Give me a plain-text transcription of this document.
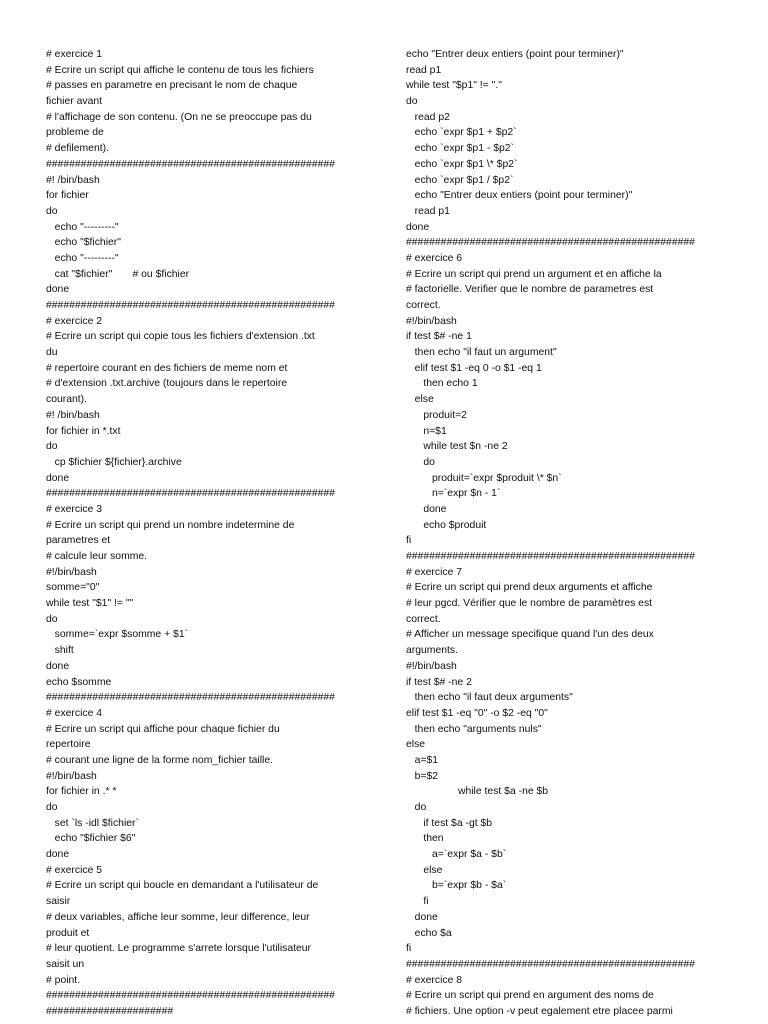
# exercice 1
# Ecrire un script qui affiche le contenu de tous les fichiers
# passes en parametre en precisant le nom de chaque
fichier avant
# l'affichage de son contenu. (On ne se preoccupe pas du
probleme de
# defilement).
##################################################
#! /bin/bash
for fichier
do
echo "---------"
echo "$fichier"
echo "---------"
cat "$fichier"       # ou $fichier
done
##################################################
# exercice 2
# Ecrire un script qui copie tous les fichiers d'extension .txt
du
# repertoire courant en des fichiers de meme nom et
# d'extension .txt.archive (toujours dans le repertoire
courant).
#! /bin/bash
for fichier in *.txt
do
cp $fichier ${fichier}.archive
done
##################################################
# exercice 3
# Ecrire un script qui prend un nombre indetermine de
parametres et
# calcule leur somme.
#!/bin/bash
somme="0"
while test "$1" != ""
do
somme=`expr $somme + $1`
shift
done
echo $somme
##################################################
# exercice 4
# Ecrire un script qui affiche pour chaque fichier du
repertoire
# courant une ligne de la forme nom_fichier taille.
#!/bin/bash
for fichier in .* *
do
set `ls -idl $fichier`
echo "$fichier $6"
done
# exercice 5
# Ecrire un script qui boucle en demandant a l'utilisateur de
saisir
# deux variables, affiche leur somme, leur difference, leur
produit et
# leur quotient. Le programme s'arrete lorsque l'utilisateur
saisit un
# point.
##################################################
######################
echo "Entrer deux entiers (point pour terminer)"
read p1
while test "$p1" != "."
do
read p2
echo `expr $p1 + $p2`
echo `expr $p1 - $p2`
echo `expr $p1 \* $p2`
echo `expr $p1 / $p2`
echo "Entrer deux entiers (point pour terminer)"
read p1
done
##################################################
# exercice 6
# Ecrire un script qui prend un argument et en affiche la
# factorielle. Verifier que le nombre de parametres est
correct.
#!/bin/bash
if test $# -ne 1
then echo "il faut un argument"
elif test $1 -eq 0 -o $1 -eq 1
then echo 1
else
produit=2
n=$1
while test $n -ne 2
do
produit=`expr $produit \* $n`
n=`expr $n - 1`
done
echo $produit
fi
##################################################
# exercice 7
# Ecrire un script qui prend deux arguments et affiche
# leur pgcd. Vérifier que le nombre de paramètres est
correct.
# Afficher un message specifique quand l'un des deux
arguments.
#!/bin/bash
if test $# -ne 2
then echo "il faut deux arguments"
elif test $1 -eq "0" -o $2 -eq "0"
then echo "arguments nuls"
else
a=$1
b=$2
while test $a -ne $b
do
if test $a -gt $b
then
a=`expr $a - $b`
else
b=`expr $b - $a`
fi
done
echo $a
fi
##################################################
# exercice 8
# Ecrire un script qui prend en argument des noms de
# fichiers. Une option -v peut egalement etre placee parmi
